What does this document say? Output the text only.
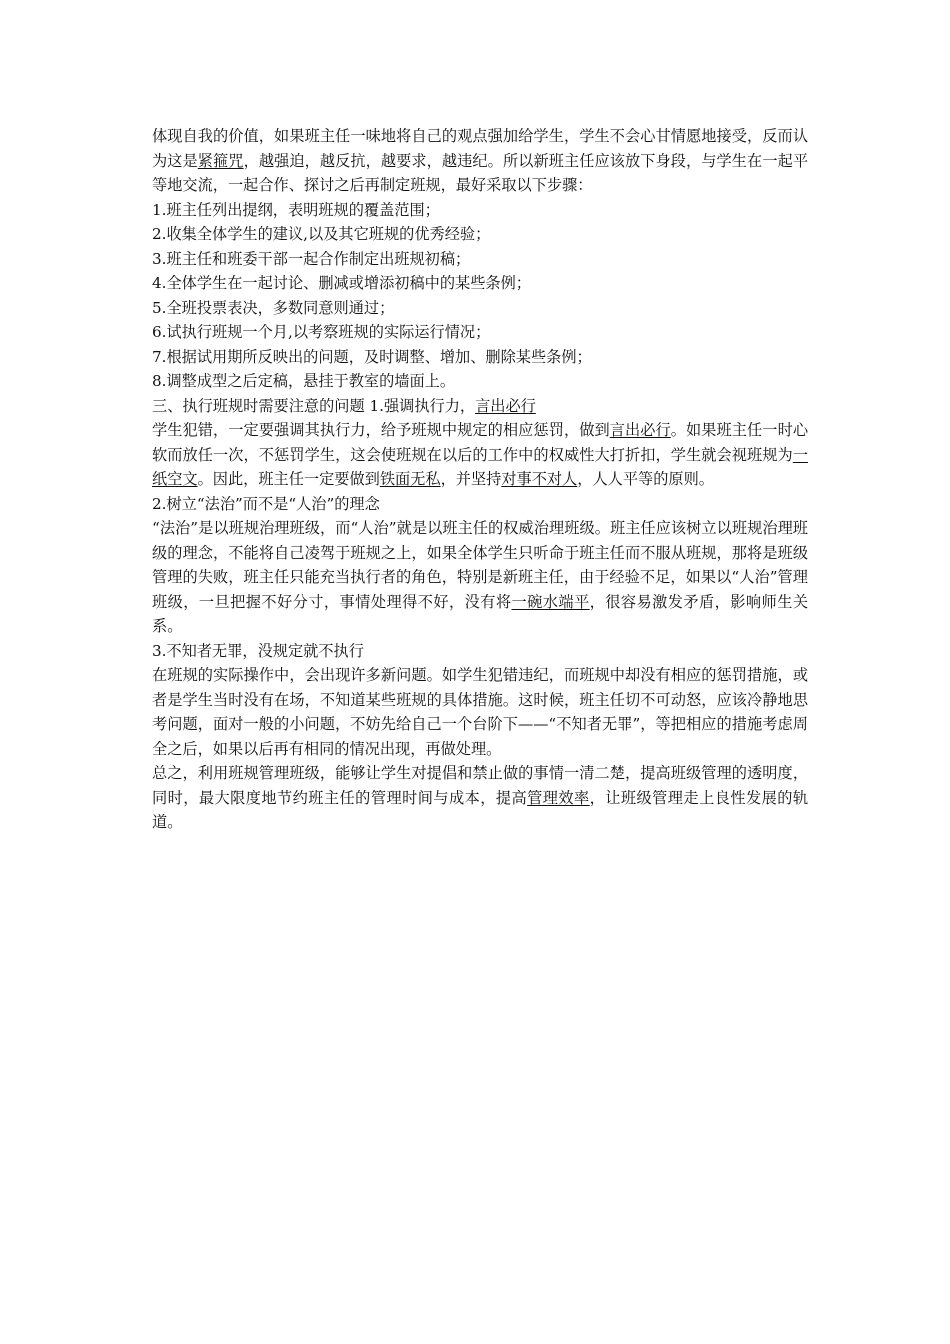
体现自我的价值，如果班主任一味地将自己的观点强加给学生，学生不会心甘情愿地接受，反而认为这是紧箍咒，越强迫，越反抗，越要求，越违纪。所以新班主任应该放下身段，与学生在一起平等地交流，一起合作、探讨之后再制定班规，最好采取以下步骤：
1.班主任列出提纲，表明班规的覆盖范围；
2.收集全体学生的建议,以及其它班规的优秀经验；
3.班主任和班委干部一起合作制定出班规初稿；
4.全体学生在一起讨论、删减或增添初稿中的某些条例；
5.全班投票表决，多数同意则通过；
6.试执行班规一个月,以考察班规的实际运行情况；
7.根据试用期所反映出的问题，及时调整、增加、删除某些条例；
8.调整成型之后定稿，悬挂于教室的墙面上。
三、执行班规时需要注意的问题 1.强调执行力，言出必行
学生犯错，一定要强调其执行力，给予班规中规定的相应惩罚，做到言出必行。如果班主任一时心软而放任一次，不惩罚学生，这会使班规在以后的工作中的权威性大打折扣，学生就会视班规为一纸空文。因此，班主任一定要做到铁面无私，并坚持对事不对人，人人平等的原则。
2.树立“法治”而不是“人治”的理念
“法治”是以班规治理班级，而“人治”就是以班主任的权威治理班级。班主任应该树立以班规治理班级的理念，不能将自己凌驾于班规之上，如果全体学生只听命于班主任而不服从班规，那将是班级管理的失败，班主任只能充当执行者的角色，特别是新班主任，由于经验不足，如果以“人治”管理班级，一旦把握不好分寸，事情处理得不好，没有将一碗水端平，很容易激发矛盾，影响师生关系。
3.不知者无罪，没规定就不执行
在班规的实际操作中，会出现许多新问题。如学生犯错违纪，而班规中却没有相应的惩罚措施，或者是学生当时没有在场，不知道某些班规的具体措施。这时候，班主任切不可动怒，应该冷静地思考问题，面对一般的小问题，不妨先给自己一个台阶下——“不知者无罪”，等把相应的措施考虑周全之后，如果以后再有相同的情况出现，再做处理。
总之，利用班规管理班级，能够让学生对提倡和禁止做的事情一清二楚，提高班级管理的透明度，同时，最大限度地节约班主任的管理时间与成本，提高管理效率，让班级管理走上良性发展的轨道。
